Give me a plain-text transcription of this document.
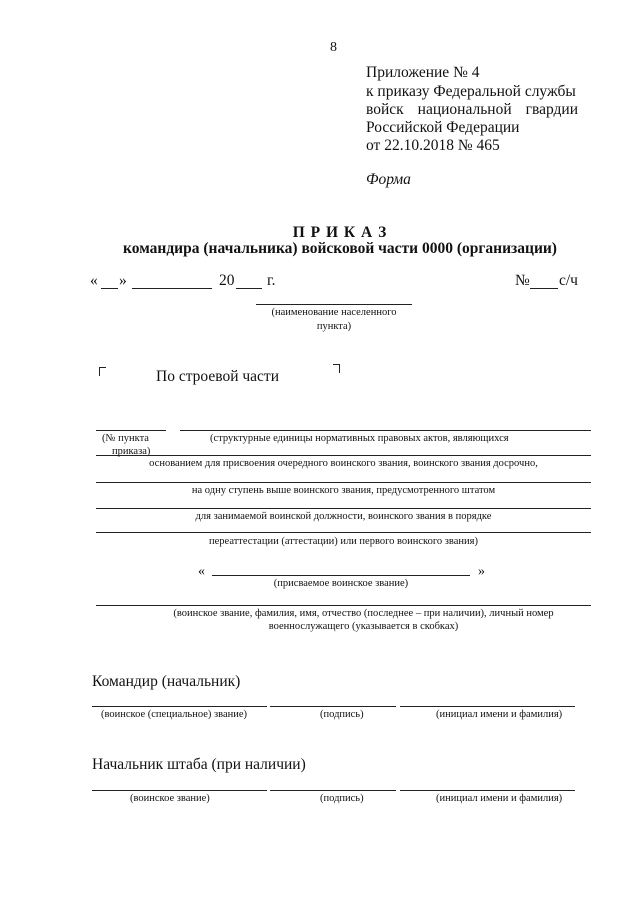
8
Приложение № 4
к приказу Федеральной службы
войск национальной гвардии
Российской Федерации
от 22.10.2018 № 465
Форма
П Р И К А З
командира (начальника) войсковой части 0000 (организации)
« »	20 г.	№ с/ч
(наименование населенного
пункта)
По строевой части
(№ пункта
приказа)
(структурные единицы нормативных правовых актов, являющихся
основанием для присвоения очередного воинского звания, воинского звания досрочно,
на одну ступень выше воинского звания, предусмотренного штатом
для занимаемой воинской должности, воинского звания в порядке
переаттестации (аттестации) или первого воинского звания)
«	»
(присваемое воинское звание)
(воинское звание, фамилия, имя, отчество (последнее – при наличии), личный номер
военнослужащего (указывается в скобках)
Командир (начальник)
(воинское (специальное) звание)	(подпись)	(инициал имени и фамилия)
Начальник штаба (при наличии)
(воинское звание)	(подпись)	(инициал имени и фамилия)
